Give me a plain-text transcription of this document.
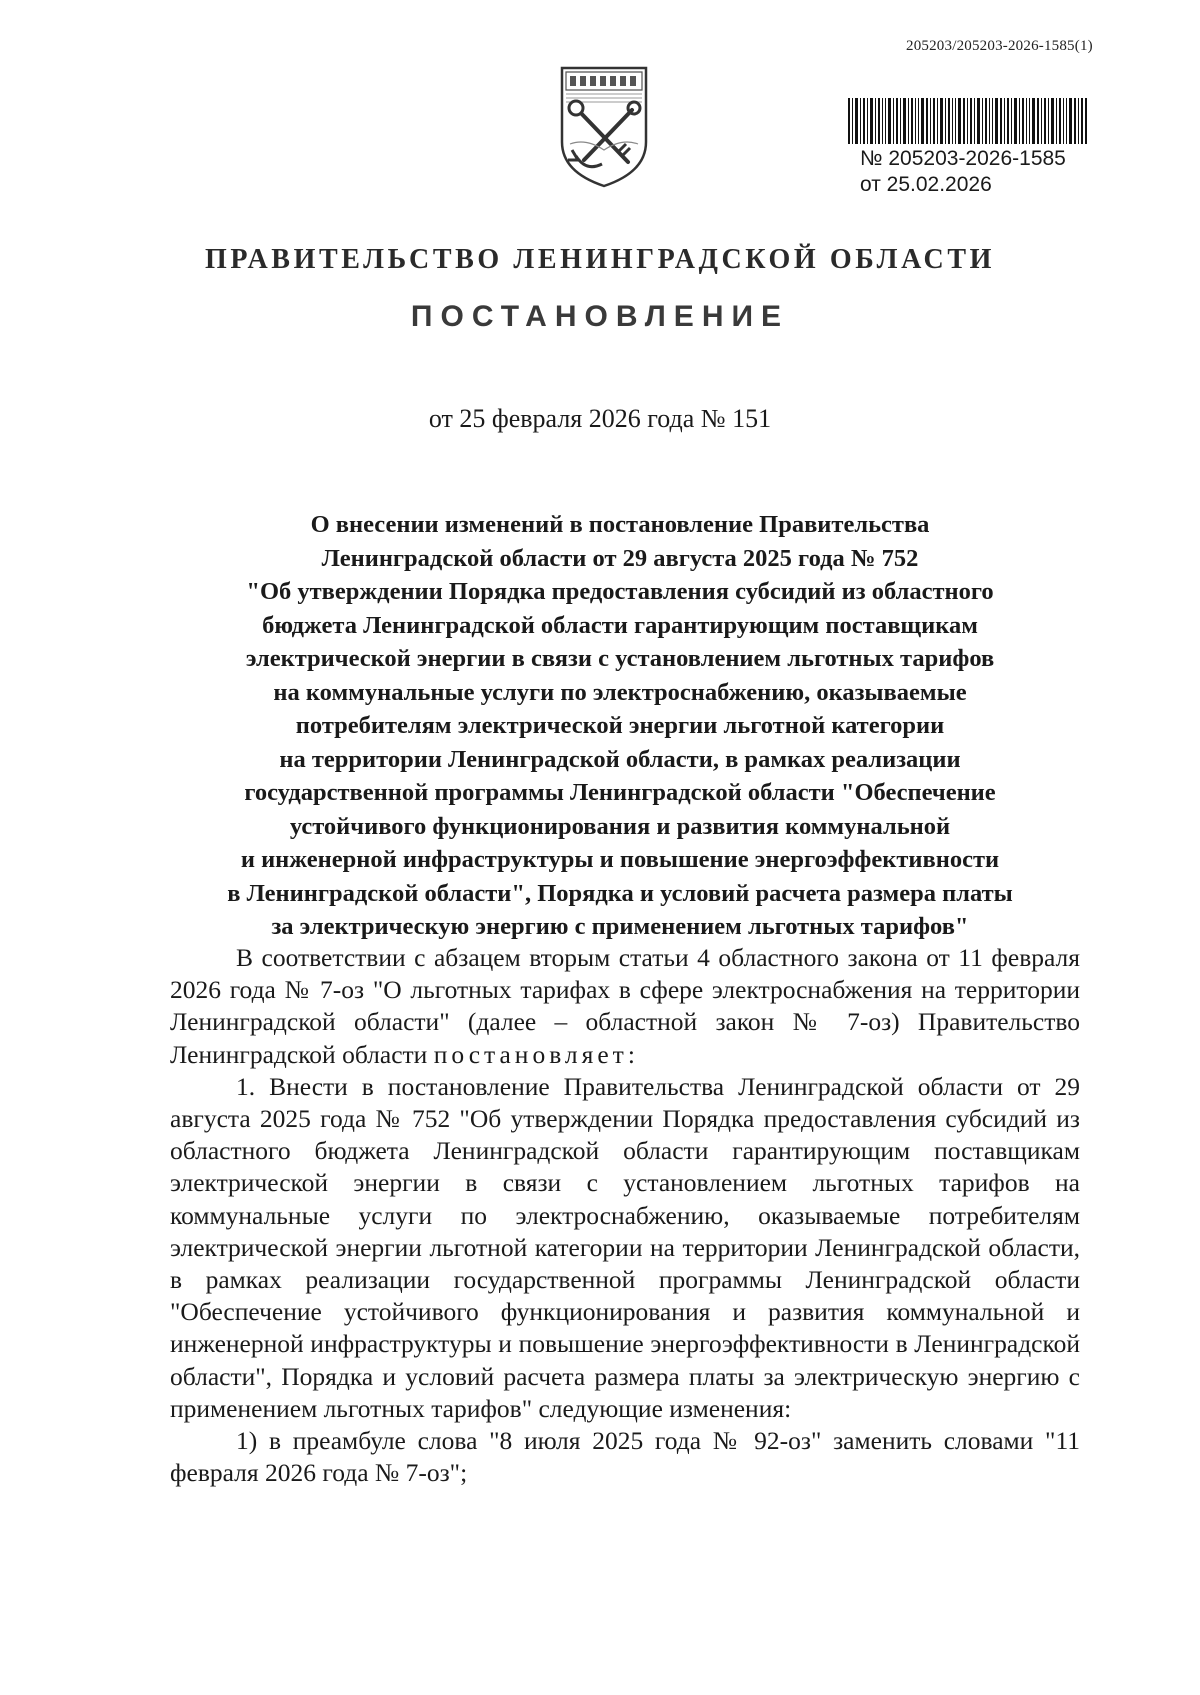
205203/205203-2026-1585(1)
№ 205203-2026-1585
от 25.02.2026
ПРАВИТЕЛЬСТВО ЛЕНИНГРАДСКОЙ ОБЛАСТИ
ПОСТАНОВЛЕНИЕ
от 25 февраля 2026 года № 151
О внесении изменений в постановление Правительства
Ленинградской области от 29 августа 2025 года № 752
"Об утверждении Порядка предоставления субсидий из областного
бюджета Ленинградской области гарантирующим поставщикам
электрической энергии в связи с установлением льготных тарифов
на коммунальные услуги по электроснабжению, оказываемые
потребителям электрической энергии льготной категории
на территории Ленинградской области, в рамках реализации
государственной программы Ленинградской области "Обеспечение
устойчивого функционирования и развития коммунальной
и инженерной инфраструктуры и повышение энергоэффективности
в Ленинградской области", Порядка и условий расчета размера платы
за электрическую энергию с применением льготных тарифов"

В соответствии с абзацем вторым статьи 4 областного закона от 11 февраля 2026 года № 7-оз "О льготных тарифах в сфере электроснабжения на территории Ленинградской области" (далее – областной закон № 7-оз) Правительство Ленинградской области постановляет:

1. Внести в постановление Правительства Ленинградской области от 29 августа 2025 года № 752 "Об утверждении Порядка предоставления субсидий из областного бюджета Ленинградской области гарантирующим поставщикам электрической энергии в связи с установлением льготных тарифов на коммунальные услуги по электроснабжению, оказываемые потребителям электрической энергии льготной категории на территории Ленинградской области, в рамках реализации государственной программы Ленинградской области "Обеспечение устойчивого функционирования и развития коммунальной и инженерной инфраструктуры и повышение энергоэффективности в Ленинградской области", Порядка и условий расчета размера платы за электрическую энергию с применением льготных тарифов" следующие изменения:

1) в преамбуле слова "8 июля 2025 года № 92-оз" заменить словами "11 февраля 2026 года № 7-оз";
